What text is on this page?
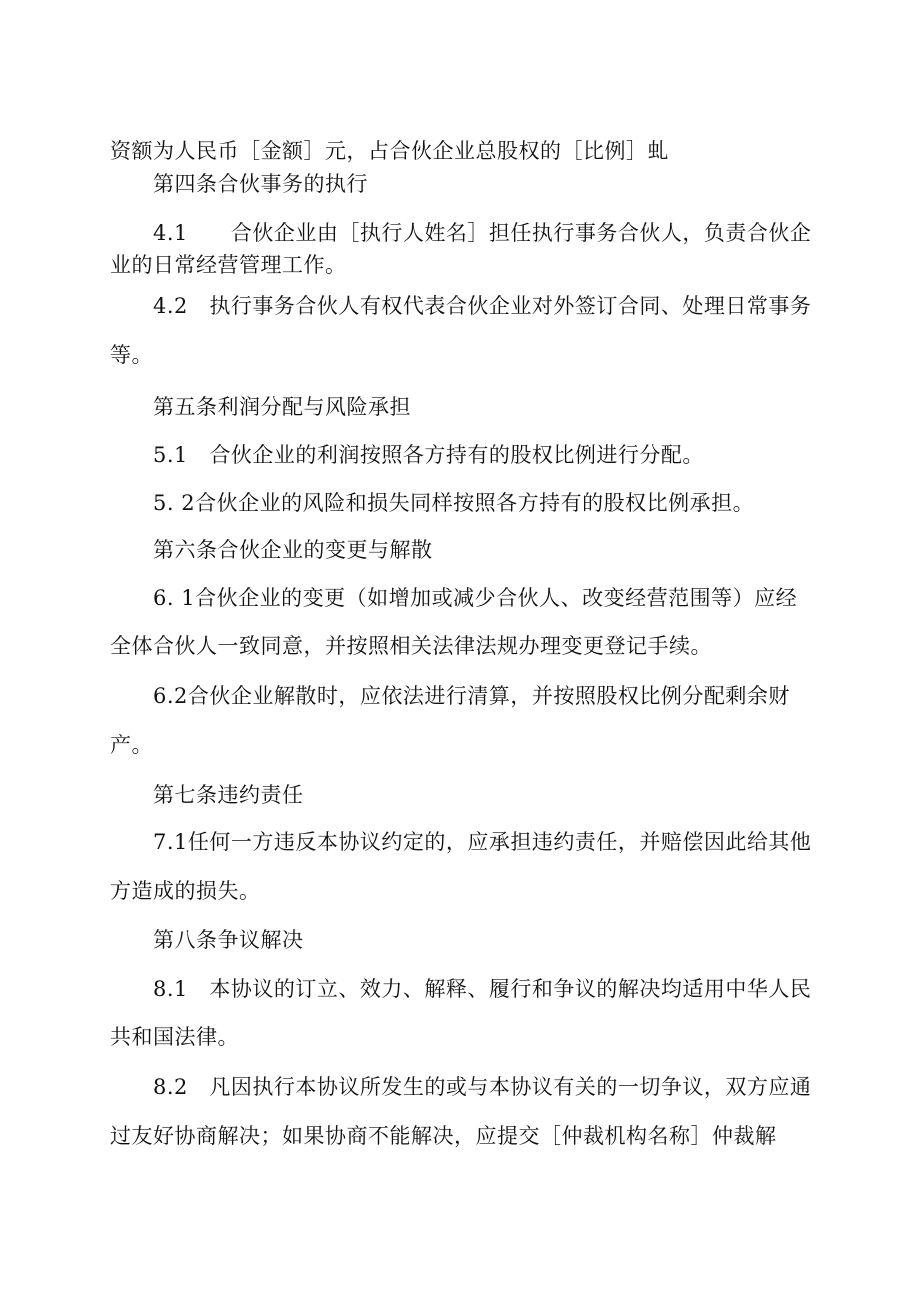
资额为人民币［金额］元，占合伙企业总股权的［比例］虬
第四条合伙事务的执行
4.1　　合伙企业由［执行人姓名］担任执行事务合伙人，负责合伙企
业的日常经营管理工作。
4.2　执行事务合伙人有权代表合伙企业对外签订合同、处理日常事务
等。
第五条利润分配与风险承担
5.1　合伙企业的利润按照各方持有的股权比例进行分配。
5. 2合伙企业的风险和损失同样按照各方持有的股权比例承担。
第六条合伙企业的变更与解散
6. 1合伙企业的变更（如增加或减少合伙人、改变经营范围等）应经
全体合伙人一致同意，并按照相关法律法规办理变更登记手续。
6.2合伙企业解散时，应依法进行清算，并按照股权比例分配剩余财
产。
第七条违约责任
7.1任何一方违反本协议约定的，应承担违约责任，并赔偿因此给其他
方造成的损失。
第八条争议解决
8.1　本协议的订立、效力、解释、履行和争议的解决均适用中华人民
共和国法律。
8.2　凡因执行本协议所发生的或与本协议有关的一切争议，双方应通
过友好协商解决；如果协商不能解决，应提交［仲裁机构名称］仲裁解
